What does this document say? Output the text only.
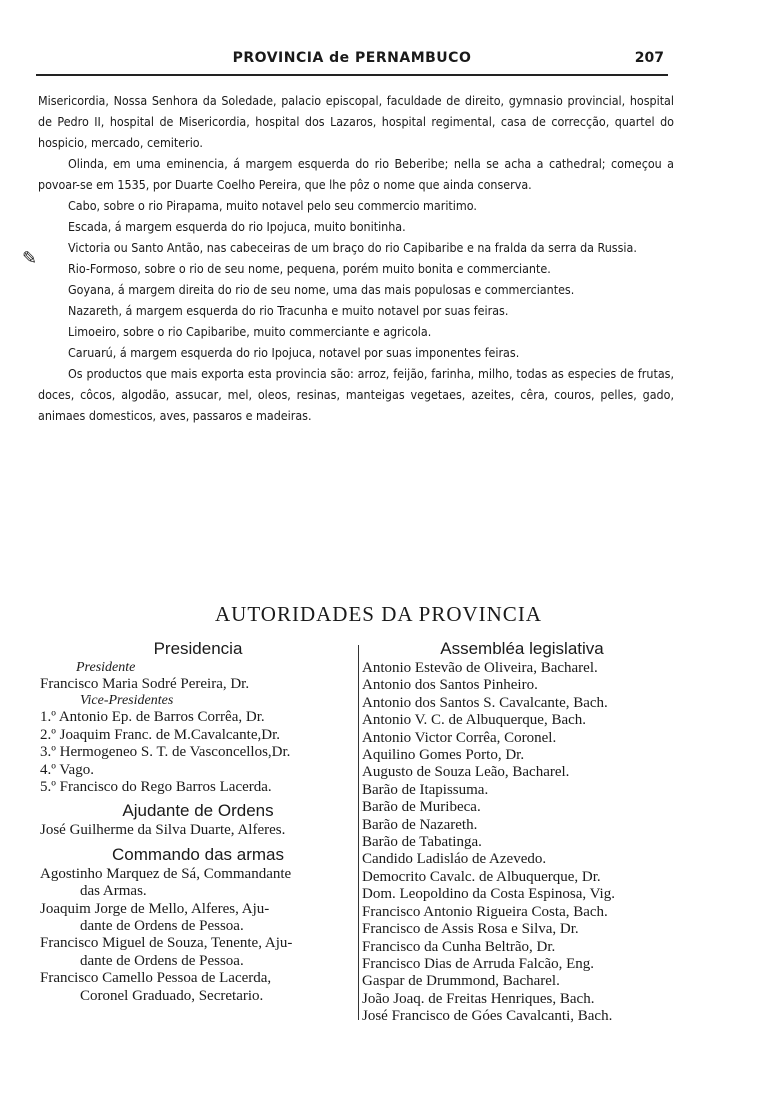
PROVINCIA de PERNAMBUCO	207
✎

Misericordia, Nossa Senhora da Soledade, palacio episcopal, faculdade de direito, gymnasio provincial, hospital de Pedro II, hospital de Misericordia, hospital dos Lazaros, hospital regimental, casa de correcção, quartel do hospicio, mercado, cemiterio.

Olinda, em uma eminencia, á margem esquerda do rio Beberibe; nella se acha a cathedral; começou a povoar-se em 1535, por Duarte Coelho Pereira, que lhe pôz o nome que ainda conserva.

Cabo, sobre o rio Pirapama, muito notavel pelo seu commercio maritimo.

Escada, á margem esquerda do rio Ipojuca, muito bonitinha.

Victoria ou Santo Antão, nas cabeceiras de um braço do rio Capibaribe e na fralda da serra da Russia.

Rio-Formoso, sobre o rio de seu nome, pequena, porém muito bonita e commerciante.

Goyana, á margem direita do rio de seu nome, uma das mais populosas e commerciantes.

Nazareth, á margem esquerda do rio Tracunha e muito notavel por suas feiras.

Limoeiro, sobre o rio Capibaribe, muito commerciante e agricola.

Caruarú, á margem esquerda do rio Ipojuca, notavel por suas imponentes feiras.

Os productos que mais exporta esta provincia são: arroz, feijão, farinha, milho, todas as especies de frutas, doces, côcos, algodão, assucar, mel, oleos, resinas, manteigas vegetaes, azeites, cêra, couros, pelles, gado, animaes domesticos, aves, passaros e madeiras.

AUTORIDADES DA PROVINCIA
Presidencia
Presidente
Francisco Maria Sodré Pereira, Dr.
Vice-Presidentes
1.º Antonio Ep. de Barros Corrêa, Dr.
2.º Joaquim Franc. de M.Cavalcante,Dr.
3.º Hermogeneo S. T. de Vasconcellos,Dr.
4.º Vago.
5.º Francisco do Rego Barros Lacerda.
Ajudante de Ordens
José Guilherme da Silva Duarte, Alferes.
Commando das armas
Agostinho Marquez de Sá, Commandante
das Armas.
Joaquim Jorge de Mello, Alferes, Aju-
dante de Ordens de Pessoa.
Francisco Miguel de Souza, Tenente, Aju-
dante de Ordens de Pessoa.
Francisco Camello Pessoa de Lacerda,
Coronel Graduado, Secretario.
Assembléa legislativa
Antonio Estevão de Oliveira, Bacharel.
Antonio dos Santos Pinheiro.
Antonio dos Santos S. Cavalcante, Bach.
Antonio V. C. de Albuquerque, Bach.
Antonio Victor Corrêa, Coronel.
Aquilino Gomes Porto, Dr.
Augusto de Souza Leão, Bacharel.
Barão de Itapissuma.
Barão de Muribeca.
Barão de Nazareth.
Barão de Tabatinga.
Candido Ladisláo de Azevedo.
Democrito Cavalc. de Albuquerque, Dr.
Dom. Leopoldino da Costa Espinosa, Vig.
Francisco Antonio Rigueira Costa, Bach.
Francisco de Assis Rosa e Silva, Dr.
Francisco da Cunha Beltrão, Dr.
Francisco Dias de Arruda Falcão, Eng.
Gaspar de Drummond, Bacharel.
João Joaq. de Freitas Henriques, Bach.
José Francisco de Góes Cavalcanti, Bach.
